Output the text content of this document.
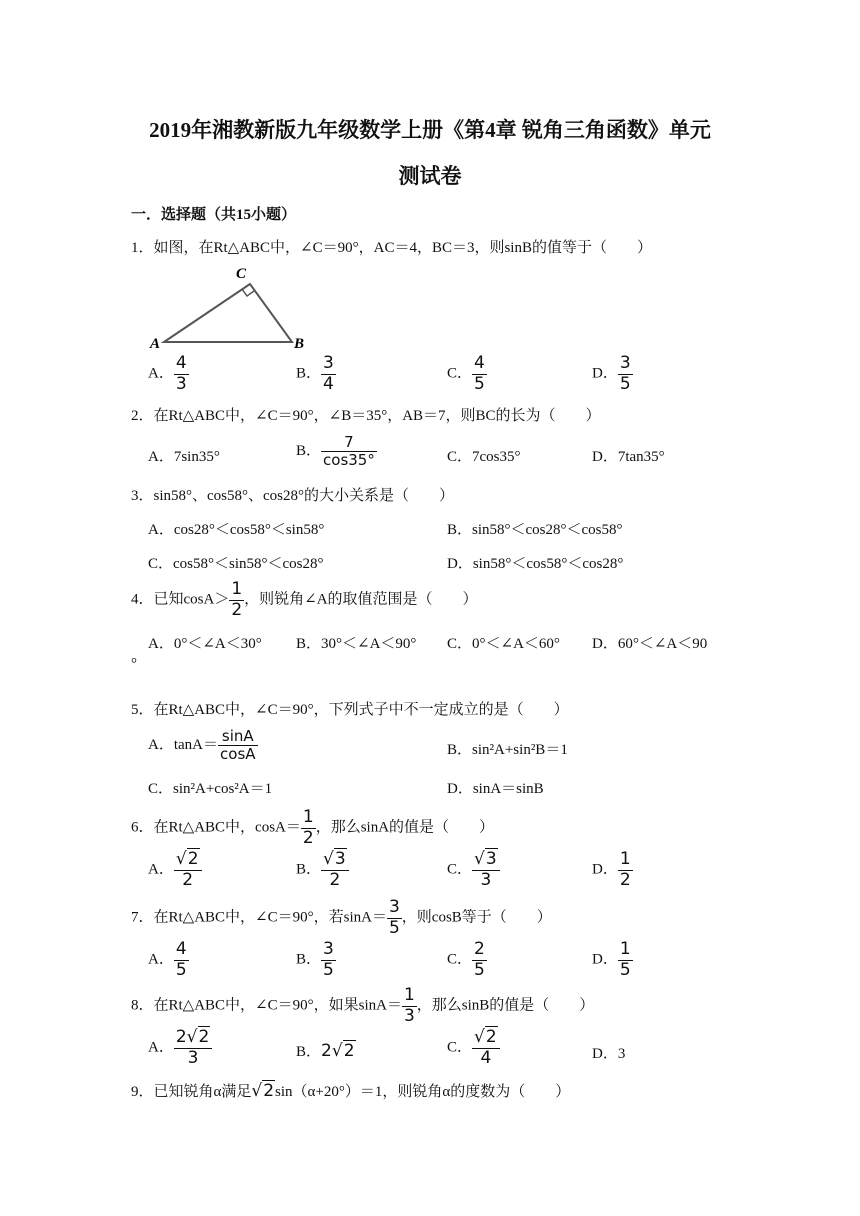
2019年湘教新版九年级数学上册《第4章 锐角三角函数》单元
测试卷
一．选择题（共15小题）
1．如图，在Rt△ABC中，∠C＝90°，AC＝4，BC＝3，则sinB的值等于（　　）
C
A	B
A． $\frac{4}{3}$	B． $\frac{3}{4}$	C． $\frac{4}{5}$	D． $\frac{3}{5}$
2．在Rt△ABC中，∠C＝90°，∠B＝35°，AB＝7，则BC的长为（　　）
A．7sin35°	B． $\frac{7}{\cos 35^\circ}$	C．7cos35°	D．7tan35°
3．sin58°、cos58°、cos28°的大小关系是（　　）
A．cos28°＜cos58°＜sin58°	B．sin58°＜cos28°＜cos58°
C．cos58°＜sin58°＜cos28°	D．sin58°＜cos58°＜cos28°
4．已知$\cos A> \frac{1}{2}$ ，则锐角∠A的取值范围是（　　）
A．0°＜∠A＜30° B．30°＜∠A＜90° C．0°＜∠A＜60° D．60°＜∠A＜90
°
5．在Rt△ABC中，∠C＝90°，下列式子中不一定成立的是（　　）
A．$\tan A= \frac{\sin A}{\cos A}$	B．sin²A+sin²B＝1
C．sin²A+cos²A＝1	D．sinA＝sinB
6．在Rt△ABC中，$\cos A= \frac{1}{2}$ ，那么sinA的值是（　　）
A． $\frac{√2}{2}$	B． $\frac{√3}{2}$	C． $\frac{√3}{3}$	D． $\frac{1}{2}$
7．在Rt△ABC中，∠C＝90°，若$\sin A= \frac{3}{5}$ ，则cosB等于（　　）
A． $\frac{4}{5}$	B． $\frac{3}{5}$	C． $\frac{2}{5}$	D． $\frac{1}{5}$
8．在Rt△ABC中，∠C＝90°，如果$\sin A= \frac{1}{3}$ ，那么sinB的值是（　　）
A． $\frac{2√2}{3}$	B．2√2	C． $\frac{√2}{4}$	D．3
9．已知锐角α满足√2sin（α+20°）＝1，则锐角α的度数为（　　）
